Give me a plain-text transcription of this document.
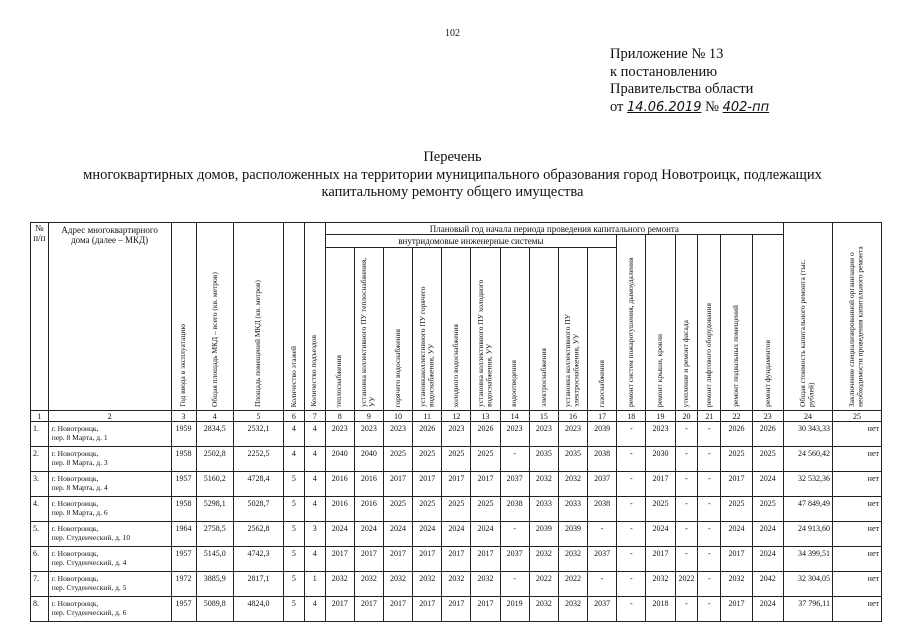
102
Приложение № 13
к постановлению
Правительства области
от 14.06.2019 № 402-пп
Перечень
многоквартирных домов, расположенных на территории муниципального образования город Новотроицк, подлежащих
капитальному ремонту общего имущества
№ п/п	Адрес многоквартирного дома (далее – МКД)	Год ввода в эксплуатацию	Общая площадь МКД – всего (кв. метров)	Площадь помещений МКД (кв. метров)	Количество этажей	Количество подъездов	Плановый год начала периода проведения капитального ремонта																Общая стоимость капитального ремонта (тыс. рублей)	Заключение специализированной организации о необходимости проведения капитального ремонта

							внутридомовые инженерные системы										ремонт систем пожаротушения, дымоудаления	ремонт крыши, кровли	утепление и ремонт фасада	ремонт лифтового оборудования	ремонт подвальных помещений	ремонт фундаментов		

							теплоснабжения	установка коллективного ПУ теплоснабжения, УУ	горячего водоснабжения	установкаколлективного ПУ горячего водоснабжения, УУ	холодного водоснабжения	установка коллективного ПУ холодного водоснабжения, УУ	водоотведения	электроснабжения	установка коллективного ПУ электроснабжения, УУ	газоснабжения								

1	2	3	4	5	6	7	8	9	10	11	12	13	14	15	16	17	18	19	20	21	22	23	24	25
1.	г. Новотроицк,
пер. 8 Марта, д. 1	1959	2834,5	2532,1	4	4	2023	2023	2023	2026	2023	2026	2023	2023	2023	2039	-	2023	-	-	2026	2026	30 343,33	нет
2.	г. Новотроицк,
пер. 8 Марта, д. 3	1958	2502,8	2252,5	4	4	2040	2040	2025	2025	2025	2025	-	2035	2035	2038	-	2030	-	-	2025	2025	24 560,42	нет
3.	г. Новотроицк,
пер. 8 Марта, д. 4	1957	5160,2	4728,4	5	4	2016	2016	2017	2017	2017	2017	2037	2032	2032	2037	-	2017	-	-	2017	2024	32 532,36	нет
4.	г. Новотроицк,
пер. 8 Марта, д. 6	1958	5298,1	5028,7	5	4	2016	2016	2025	2025	2025	2025	2038	2033	2033	2038	-	2025	-	-	2025	2025	47 849,49	нет
5.	г. Новотроицк,
пер. Студенческий, д. 10	1964	2758,5	2562,8	5	3	2024	2024	2024	2024	2024	2024	-	2039	2039	-	-	2024	-	-	2024	2024	24 913,60	нет
6.	г. Новотроицк,
пер. Студенческий, д. 4	1957	5145,0	4742,3	5	4	2017	2017	2017	2017	2017	2017	2037	2032	2032	2037	-	2017	-	-	2017	2024	34 399,51	нет
7.	г. Новотроицк,
пер. Студенческий, д. 5	1972	3885,9	2817,1	5	1	2032	2032	2032	2032	2032	2032	-	2022	2022	-	-	2032	2022	-	2032	2042	32 304,05	нет
8.	г. Новотроицк,
пер. Студенческий, д. 6	1957	5089,8	4824,0	5	4	2017	2017	2017	2017	2017	2017	2019	2032	2032	2037	-	2018	-	-	2017	2024	37 796,11	нет
